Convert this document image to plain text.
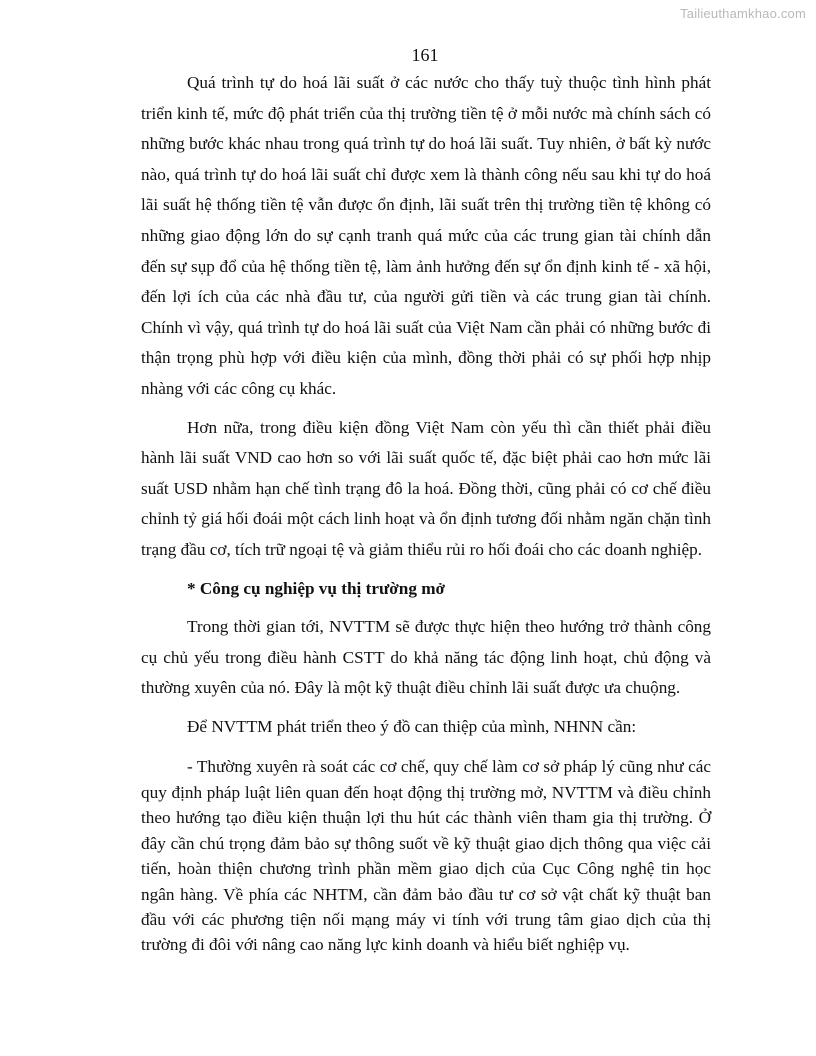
Tailieuthamkhao.com
161

Quá trình tự do hoá lãi suất ở các nước cho thấy tuỳ thuộc tình hình phát triển kinh tế, mức độ phát triển của thị trường tiền tệ ở mỗi nước mà chính sách có những bước khác nhau trong quá trình tự do hoá lãi suất. Tuy nhiên, ở bất kỳ nước nào, quá trình tự do hoá lãi suất chỉ được xem là thành công nếu sau khi tự do hoá lãi suất hệ thống tiền tệ vẫn được ổn định, lãi suất trên thị trường tiền tệ không có những giao động lớn do sự cạnh tranh quá mức của các trung gian tài chính dẫn đến sự sụp đổ của hệ thống tiền tệ, làm ảnh hưởng đến sự ổn định kinh tế - xã hội, đến lợi ích của các nhà đầu tư, của người gửi tiền và các trung gian tài chính. Chính vì vậy, quá trình tự do hoá lãi suất của Việt Nam cần phải có những bước đi thận trọng phù hợp với điều kiện của mình, đồng thời phải có sự phối hợp nhịp nhàng với các công cụ khác.

Hơn nữa, trong điều kiện đồng Việt Nam còn yếu thì cần thiết phải điều hành lãi suất VND cao hơn so với lãi suất quốc tế, đặc biệt phải cao hơn mức lãi suất USD nhằm hạn chế tình trạng đô la hoá. Đồng thời, cũng phải có cơ chế điều chỉnh tỷ giá hối đoái một cách linh hoạt và ổn định tương đối nhằm ngăn chặn tình trạng đầu cơ, tích trữ ngoại tệ và giảm thiểu rủi ro hối đoái cho các doanh nghiệp.

* Công cụ nghiệp vụ thị trường mở

Trong thời gian tới, NVTTM sẽ được thực hiện theo hướng trở thành công cụ chủ yếu trong điều hành CSTT do khả năng tác động linh hoạt, chủ động và thường xuyên của nó. Đây là một kỹ thuật điều chỉnh lãi suất được ưa chuộng.

Để NVTTM phát triển theo ý đồ can thiệp của mình, NHNN cần:

- Thường xuyên rà soát các cơ chế, quy chế làm cơ sở pháp lý cũng như các quy định pháp luật liên quan đến hoạt động thị trường mở, NVTTM và điều chỉnh theo hướng tạo điều kiện thuận lợi thu hút các thành viên tham gia thị trường. Ở đây cần chú trọng đảm bảo sự thông suốt về kỹ thuật giao dịch thông qua việc cải tiến, hoàn thiện chương trình phần mềm giao dịch của Cục Công nghệ tin học ngân hàng. Về phía các NHTM, cần đảm bảo đầu tư cơ sở vật chất kỹ thuật ban đầu với các phương tiện nối mạng máy vi tính với trung tâm giao dịch của thị trường đi đôi với nâng cao năng lực kinh doanh và hiểu biết nghiệp vụ.
